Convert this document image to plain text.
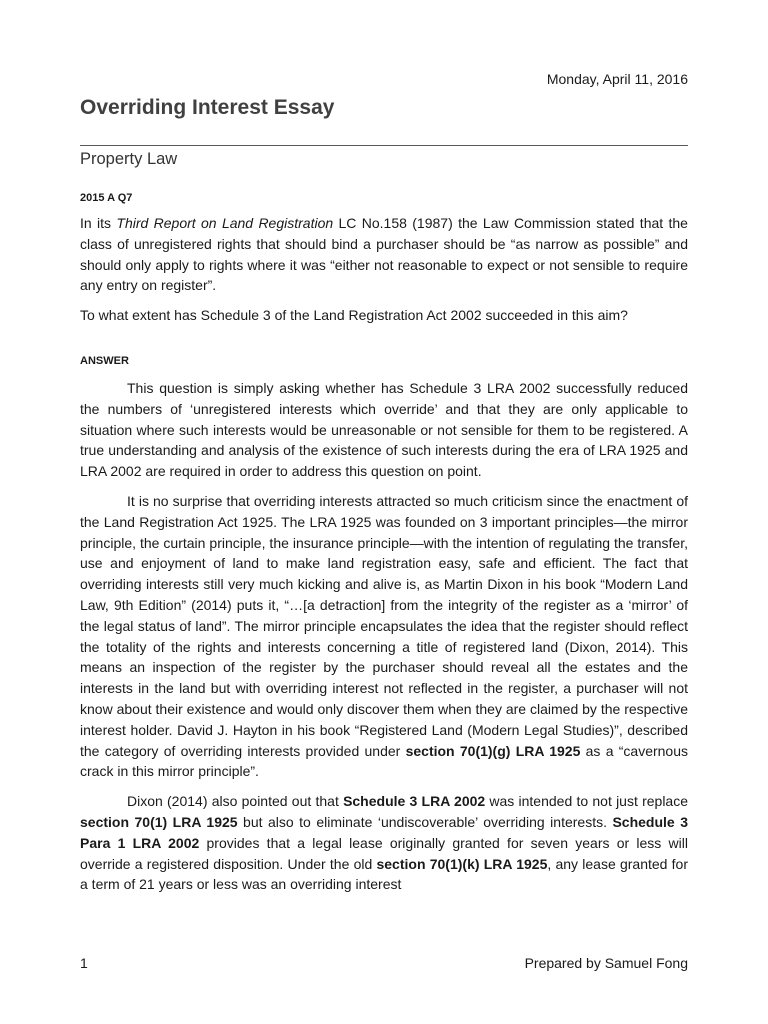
Monday, April 11, 2016
Overriding Interest Essay
Property Law
2015 A Q7

In its Third Report on Land Registration LC No.158 (1987) the Law Commission stated that the class of unregistered rights that should bind a purchaser should be “as narrow as possible” and should only apply to rights where it was “either not reasonable to expect or not sensible to require any entry on register”.

To what extent has Schedule 3 of the Land Registration Act 2002 succeeded in this aim?

ANSWER

This question is simply asking whether has Schedule 3 LRA 2002 successfully reduced the numbers of ‘unregistered interests which override’ and that they are only applicable to situation where such interests would be unreasonable or not sensible for them to be registered. A true understanding and analysis of the existence of such interests during the era of LRA 1925 and LRA 2002 are required in order to address this question on point.

It is no surprise that overriding interests attracted so much criticism since the enactment of the Land Registration Act 1925. The LRA 1925 was founded on 3 important principles—the mirror principle, the curtain principle, the insurance principle—with the intention of regulating the transfer, use and enjoyment of land to make land registration easy, safe and efficient. The fact that overriding interests still very much kicking and alive is, as Martin Dixon in his book “Modern Land Law, 9th Edition” (2014) puts it, “…[a detraction] from the integrity of the register as a ‘mirror’ of the legal status of land”. The mirror principle encapsulates the idea that the register should reflect the totality of the rights and interests concerning a title of registered land (Dixon, 2014). This means an inspection of the register by the purchaser should reveal all the estates and the interests in the land but with overriding interest not reflected in the register, a purchaser will not know about their existence and would only discover them when they are claimed by the respective interest holder. David J. Hayton in his book “Registered Land (Modern Legal Studies)”, described the category of overriding interests provided under section 70(1)(g) LRA 1925 as a “cavernous crack in this mirror principle”.

Dixon (2014) also pointed out that Schedule 3 LRA 2002 was intended to not just replace section 70(1) LRA 1925 but also to eliminate ‘undiscoverable’ overriding interests. Schedule 3 Para 1 LRA 2002 provides that a legal lease originally granted for seven years or less will override a registered disposition. Under the old section 70(1)(k) LRA 1925, any lease granted for a term of 21 years or less was an overriding interest

1	Prepared by Samuel Fong
